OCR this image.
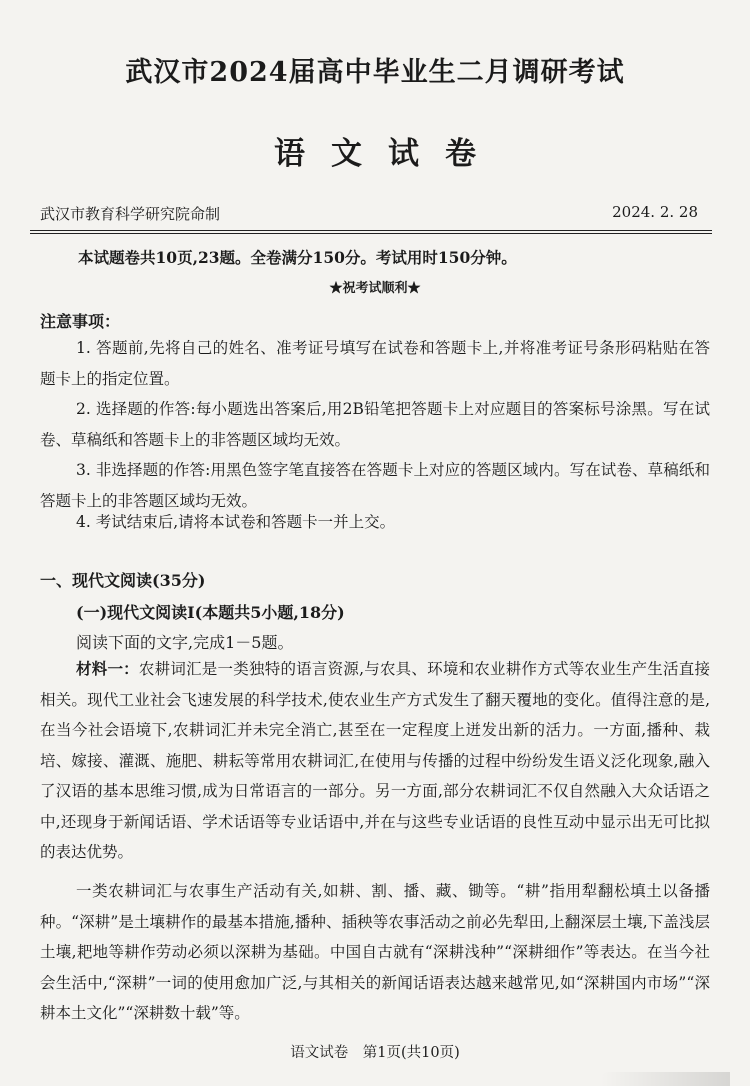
武汉市2024届高中毕业生二月调研考试
语文试卷
武汉市教育科学研究院命制	2024. 2. 28
本试题卷共10页,23题。全卷满分150分。考试用时150分钟。
★祝考试顺利★
注意事项：
1. 答题前,先将自己的姓名、准考证号填写在试卷和答题卡上,并将准考证号条形码粘贴在答题卡上的指定位置。
2. 选择题的作答:每小题选出答案后,用2B铅笔把答题卡上对应题目的答案标号涂黑。写在试卷、草稿纸和答题卡上的非答题区域均无效。
3. 非选择题的作答:用黑色签字笔直接答在答题卡上对应的答题区域内。写在试卷、草稿纸和答题卡上的非答题区域均无效。
4. 考试结束后,请将本试卷和答题卡一并上交。
一、现代文阅读(35分)
(一)现代文阅读Ⅰ(本题共5小题,18分)
阅读下面的文字,完成1－5题。
材料一：农耕词汇是一类独特的语言资源,与农具、环境和农业耕作方式等农业生产生活直接相关。现代工业社会飞速发展的科学技术,使农业生产方式发生了翻天覆地的变化。值得注意的是,在当今社会语境下,农耕词汇并未完全消亡,甚至在一定程度上迸发出新的活力。一方面,播种、栽培、嫁接、灌溉、施肥、耕耘等常用农耕词汇,在使用与传播的过程中纷纷发生语义泛化现象,融入了汉语的基本思维习惯,成为日常语言的一部分。另一方面,部分农耕词汇不仅自然融入大众话语之中,还现身于新闻话语、学术话语等专业话语中,并在与这些专业话语的良性互动中显示出无可比拟的表达优势。
一类农耕词汇与农事生产活动有关,如耕、割、播、藏、锄等。“耕”指用犁翻松填土以备播种。“深耕”是土壤耕作的最基本措施,播种、插秧等农事活动之前必先犁田,上翻深层土壤,下盖浅层土壤,耙地等耕作劳动必须以深耕为基础。中国自古就有“深耕浅种”“深耕细作”等表达。在当今社会生活中,“深耕”一词的使用愈加广泛,与其相关的新闻话语表达越来越常见,如“深耕国内市场”“深耕本土文化”“深耕数十载”等。
语文试卷　第1页(共10页)
